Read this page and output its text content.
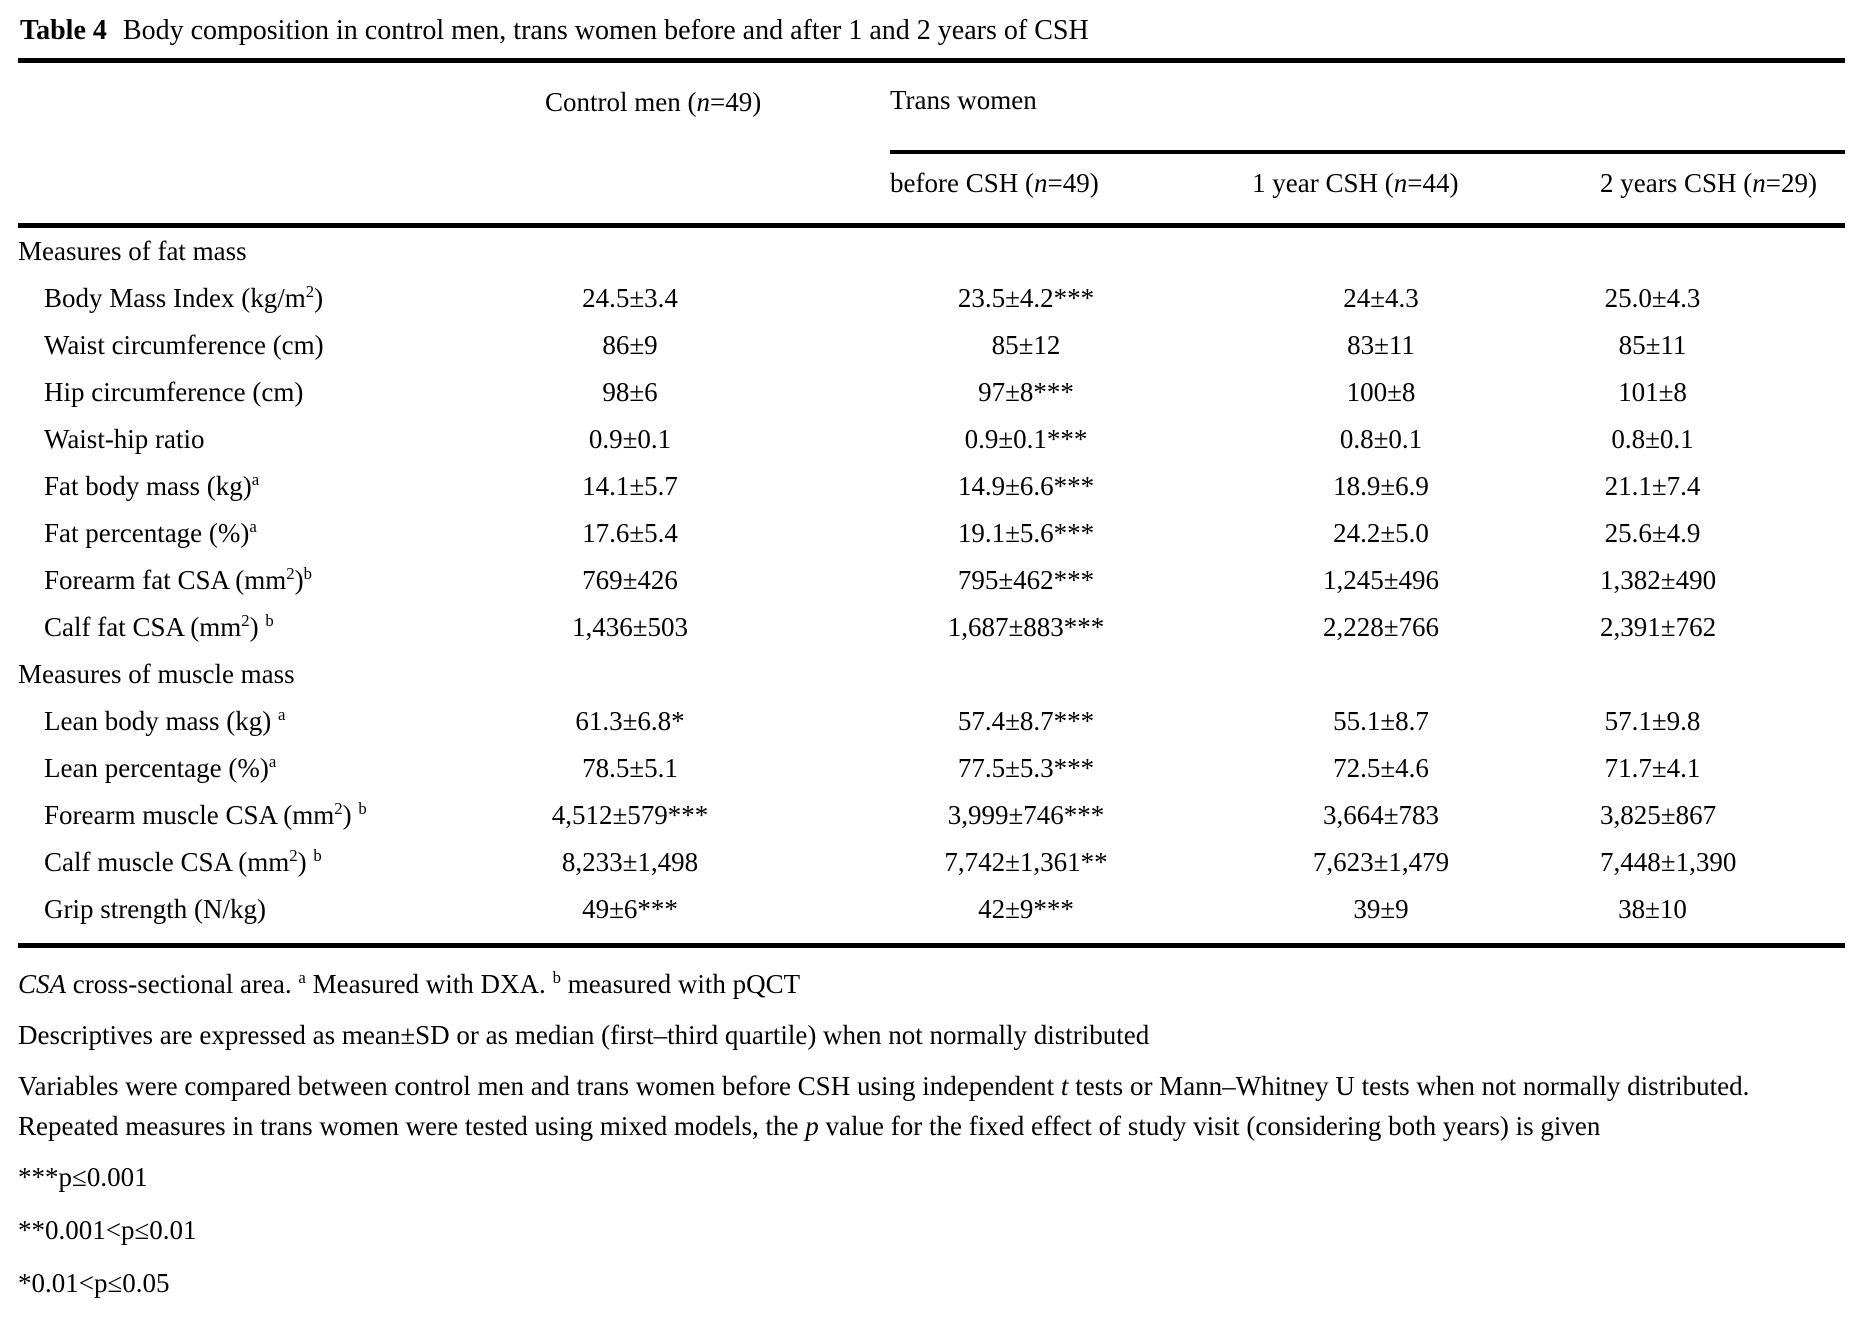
Table 4 Body composition in control men, trans women before and after 1 and 2 years of CSH
	Control men (n=49)	Trans women		
		before CSH (n=49)	1 year CSH (n=44)	2 years CSH (n=29)
Measures of fat mass				
Body Mass Index $(kg/m^2)$	24.5±3.4	23.5±4.2***	24±4.3	25.0±4.3
Waist circumference (cm)	86±9	85±12	83±11	85±11
Hip circumference (cm)	98±6	97±8***	100±8	101±8
Waist-hip ratio	0.9±0.1	0.9±0.1***	0.8±0.1	0.8±0.1
Fat body mass (kg)$^a$	14.1±5.7	14.9±6.6***	18.9±6.9	21.1±7.4
Fat percentage (%)$^a$	17.6±5.4	19.1±5.6***	24.2±5.0	25.6±4.9
Forearm fat CSA $(mm^2)^b$	769±426	795±462***	1,245±496	1,382±490
Calf fat CSA $(mm^2)$ $^b$	1,436±503	1,687±883***	2,228±766	2,391±762
Measures of muscle mass				
Lean body mass (kg) $^a$	61.3±6.8*	57.4±8.7***	55.1±8.7	57.1±9.8
Lean percentage (%)$^a$	78.5±5.1	77.5±5.3***	72.5±4.6	71.7±4.1
Forearm muscle CSA $(mm^2)$ $^b$	4,512±579***	3,999±746***	3,664±783	3,825±867
Calf muscle CSA $(mm^2)$ $^b$	8,233±1,498	7,742±1,361**	7,623±1,479	7,448±1,390
Grip strength (N/kg)	49±6***	42±9***	39±9	38±10
CSA cross-sectional area. $^a$ Measured with DXA. $^b$ measured with pQCT
Descriptives are expressed as mean±SD or as median (first–third quartile) when not normally distributed
Variables were compared between control men and trans women before CSH using independent t tests or Mann–Whitney U tests when not normally distributed. Repeated measures in trans women were tested using mixed models, the p value for the fixed effect of study visit (considering both years) is given
***p≤0.001
**0.001<p≤0.01
*0.01<p≤0.05
